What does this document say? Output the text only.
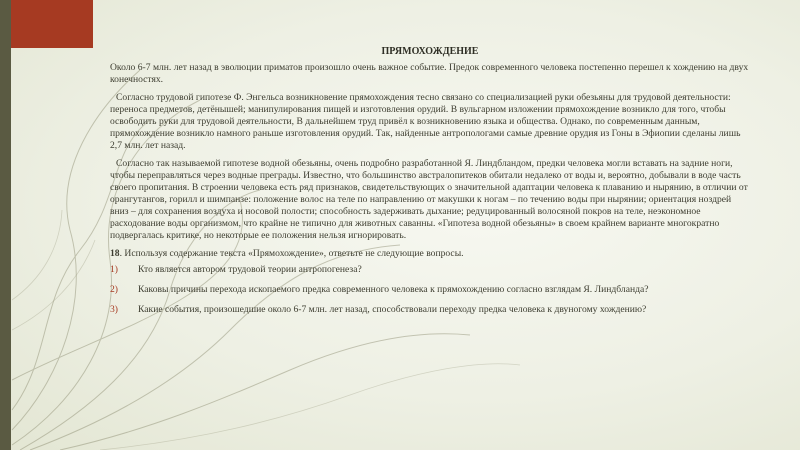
ПРЯМОХОЖДЕНИЕ

Около 6-7 млн. лет назад в эволюции приматов произошло очень важное событие. Предок современного человека постепенно перешел к хождению на двух конечностях.

Согласно трудовой гипотезе Ф. Энгельса возникновение прямохождения тесно связано со специализацией руки обезьяны для трудовой деятельности: переноса предметов, детёнышей; манипулирования пищей и изготовления орудий. В вульгарном изложении прямохождение возникло для того, чтобы освободить руки для трудовой деятельности, В дальнейшем труд привёл к возникновению языка и общества. Однако, по современным данным, прямохождение возникло намного раньше изготовления орудий. Так, найденные антропологами самые древние орудия из Гоны в Эфиопии сделаны лишь 2,7 млн. лет назад.

Согласно так называемой гипотезе водной обезьяны, очень подробно разработанной Я. Линдбландом, предки человека могли вставать на задние ноги, чтобы переправляться через водные преграды. Известно, что большинство австралопитеков обитали недалеко от воды и, вероятно, добывали в воде часть своего пропитания. В строении человека есть ряд признаков, свидетельствующих о значительной адаптации человека к плаванию и нырянию, в отличии от орангутангов, горилл и шимпанзе: положение волос на теле по направлению от макушки к ногам – по течению воды при нырянии; ориентация ноздрей вниз – для сохранения воздуха и носовой полости; способность задерживать дыхание; редуцированный волосяной покров на теле, неэкономное расходование воды организмом, что крайне не типично для животных саванны. «Гипотеза водной обезьяны» в своем крайнем варианте многократно подвергалась критике, но некоторые ее положения нельзя игнорировать.

18. Используя содержание текста «Прямохождение», ответьте не следующие вопросы.

1)	Кто является автором трудовой теории антропогенеза?
2)	Каковы причины перехода ископаемого предка современного человека к прямохождению согласно взглядам Я. Линдбланда?
3)	Какие события, произошедшие около 6-7 млн. лет назад, способствовали переходу предка человека к двуногому хождению?
